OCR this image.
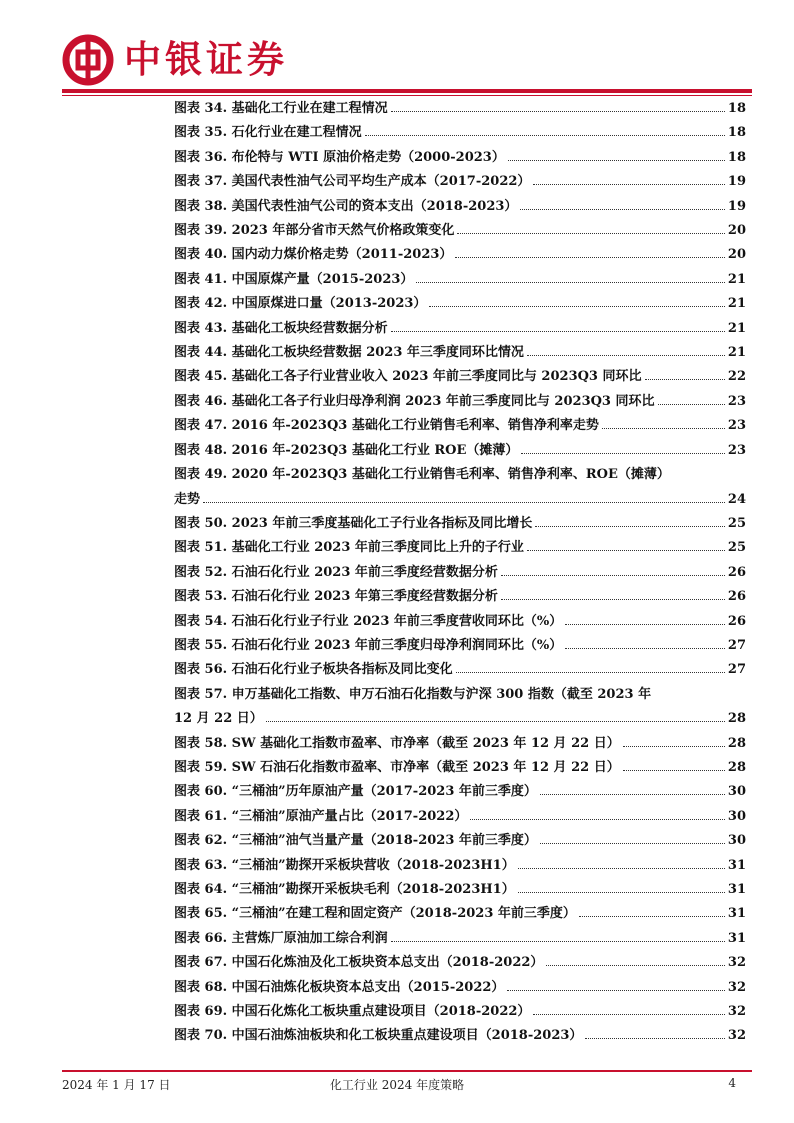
中银证券
图表 34. 基础化工行业在建工程情况	18
图表 35. 石化行业在建工程情况	18
图表 36. 布伦特与 WTI 原油价格走势（2000-2023）	18
图表 37. 美国代表性油气公司平均生产成本（2017-2022）	19
图表 38. 美国代表性油气公司的资本支出（2018-2023）	19
图表 39. 2023 年部分省市天然气价格政策变化	20
图表 40. 国内动力煤价格走势（2011-2023）	20
图表 41. 中国原煤产量（2015-2023）	21
图表 42. 中国原煤进口量（2013-2023）	21
图表 43. 基础化工板块经营数据分析	21
图表 44. 基础化工板块经营数据 2023 年三季度同环比情况	21
图表 45. 基础化工各子行业营业收入 2023 年前三季度同比与 2023Q3 同环比	22
图表 46. 基础化工各子行业归母净利润 2023 年前三季度同比与 2023Q3 同环比	23
图表 47. 2016 年-2023Q3 基础化工行业销售毛利率、销售净利率走势	23
图表 48. 2016 年-2023Q3 基础化工行业 ROE（摊薄）	23
图表 49. 2020 年-2023Q3 基础化工行业销售毛利率、销售净利率、ROE（摊薄）
走势	24
图表 50. 2023 年前三季度基础化工子行业各指标及同比增长	25
图表 51. 基础化工行业 2023 年前三季度同比上升的子行业	25
图表 52. 石油石化行业 2023 年前三季度经营数据分析	26
图表 53. 石油石化行业 2023 年第三季度经营数据分析	26
图表 54. 石油石化行业子行业 2023 年前三季度营收同环比（%）	26
图表 55. 石油石化行业 2023 年前三季度归母净利润同环比（%）	27
图表 56. 石油石化行业子板块各指标及同比变化	27
图表 57. 申万基础化工指数、申万石油石化指数与沪深 300 指数（截至 2023 年
12 月 22 日）	28
图表 58. SW 基础化工指数市盈率、市净率（截至 2023 年 12 月 22 日）	28
图表 59. SW 石油石化指数市盈率、市净率（截至 2023 年 12 月 22 日）	28
图表 60. “三桶油”历年原油产量（2017-2023 年前三季度）	30
图表 61. “三桶油”原油产量占比（2017-2022）	30
图表 62. “三桶油”油气当量产量（2018-2023 年前三季度）	30
图表 63. “三桶油”勘探开采板块营收（2018-2023H1）	31
图表 64. “三桶油”勘探开采板块毛利（2018-2023H1）	31
图表 65. “三桶油”在建工程和固定资产（2018-2023 年前三季度）	31
图表 66. 主营炼厂原油加工综合利润	31
图表 67. 中国石化炼油及化工板块资本总支出（2018-2022）	32
图表 68. 中国石油炼化板块资本总支出（2015-2022）	32
图表 69. 中国石化炼化工板块重点建设项目（2018-2022）	32
图表 70. 中国石油炼油板块和化工板块重点建设项目（2018-2023）	32
2024 年 1 月 17 日	化工行业 2024 年度策略	4
